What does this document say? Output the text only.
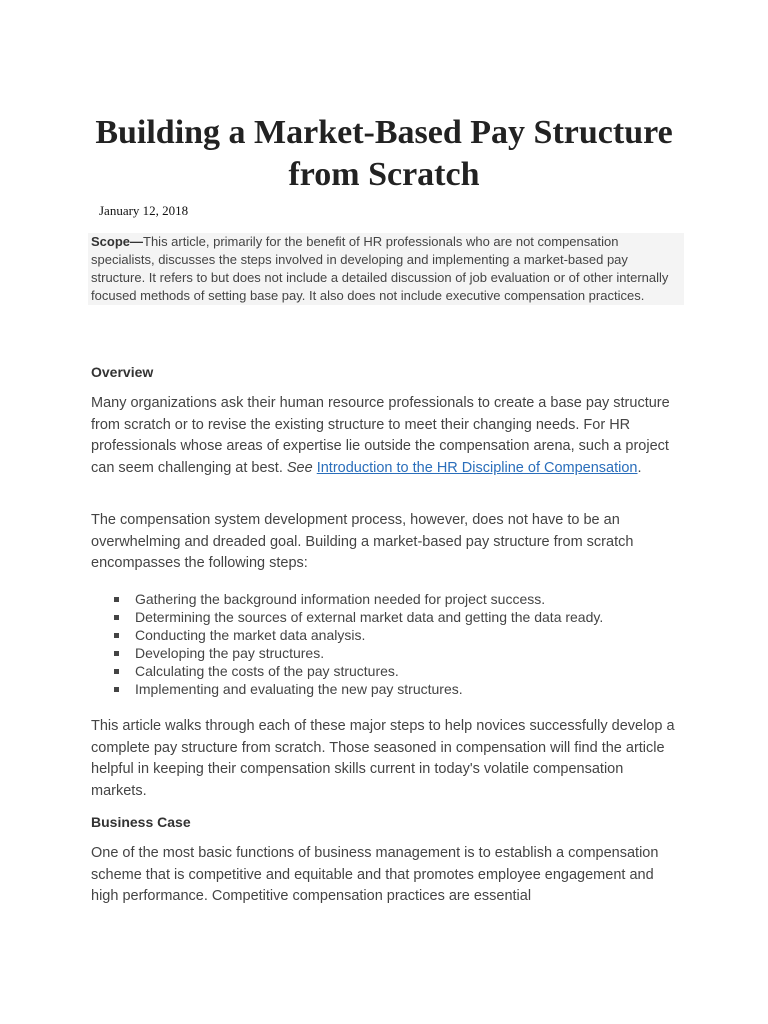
Building a Market-Based Pay Structure from Scratch

January 12, 2018

Scope—This article, primarily for the benefit of HR professionals who are not compensation specialists, discusses the steps involved in developing and implementing a market-based pay structure. It refers to but does not include a detailed discussion of job evaluation or of other internally focused methods of setting base pay. It also does not include executive compensation practices.

Overview

Many organizations ask their human resource professionals to create a base pay structure from scratch or to revise the existing structure to meet their changing needs. For HR professionals whose areas of expertise lie outside the compensation arena, such a project can seem challenging at best. See Introduction to the HR Discipline of Compensation.

The compensation system development process, however, does not have to be an overwhelming and dreaded goal. Building a market-based pay structure from scratch encompasses the following steps:

Gathering the background information needed for project success.
Determining the sources of external market data and getting the data ready.
Conducting the market data analysis.
Developing the pay structures.
Calculating the costs of the pay structures.
Implementing and evaluating the new pay structures.

This article walks through each of these major steps to help novices successfully develop a complete pay structure from scratch. Those seasoned in compensation will find the article helpful in keeping their compensation skills current in today's volatile compensation markets.

Business Case

One of the most basic functions of business management is to establish a compensation scheme that is competitive and equitable and that promotes employee engagement and high performance. Competitive compensation practices are essential
